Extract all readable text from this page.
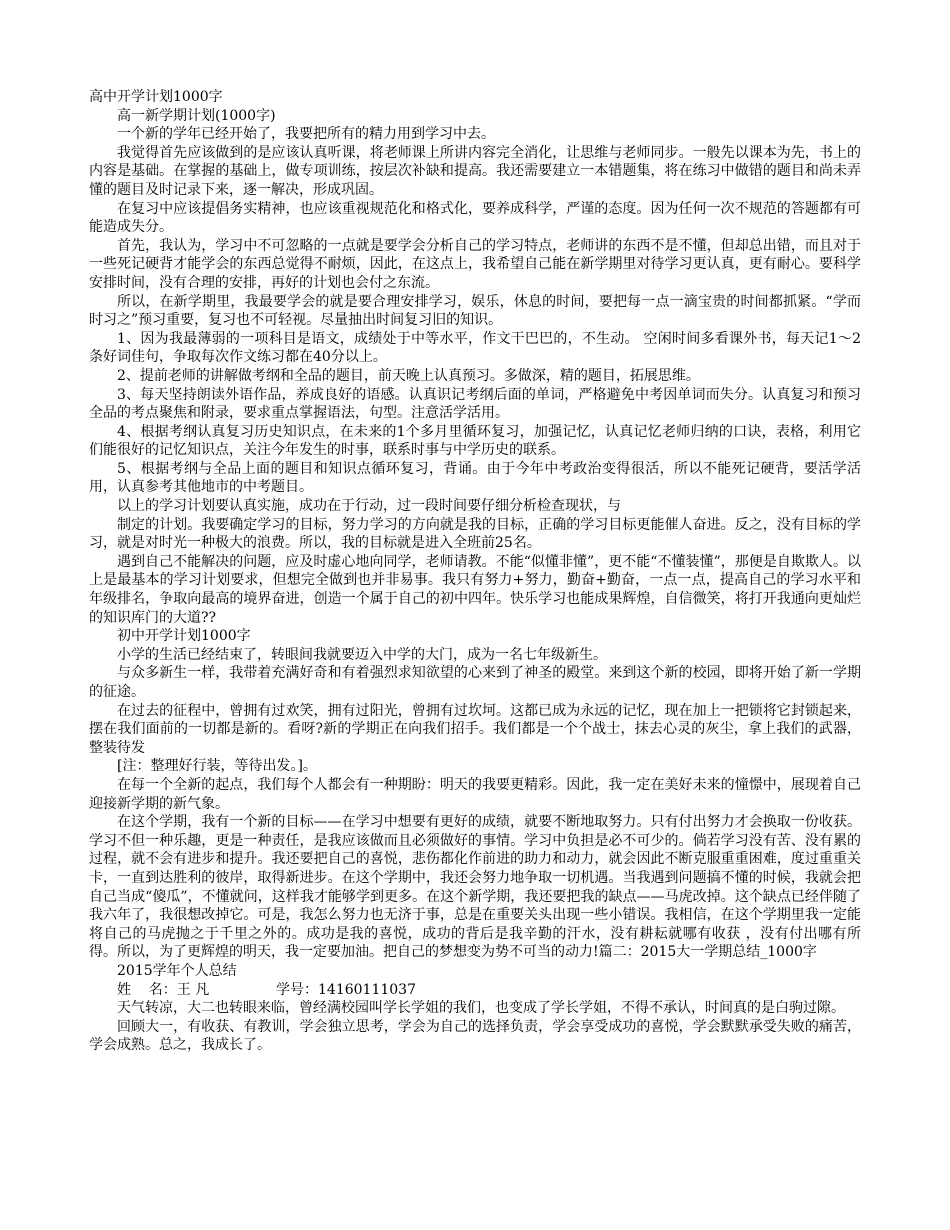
高中开学计划1000字

高一新学期计划(1000字)

一个新的学年已经开始了，我要把所有的精力用到学习中去。

我觉得首先应该做到的是应该认真听课，将老师课上所讲内容完全消化，让思维与老师同步。一般先以课本为先，书上的内容是基础。在掌握的基础上，做专项训练，按层次补缺和提高。我还需要建立一本错题集，将在练习中做错的题目和尚未弄懂的题目及时记录下来，逐一解决，形成巩固。

在复习中应该提倡务实精神，也应该重视规范化和格式化，要养成科学，严谨的态度。因为任何一次不规范的答题都有可能造成失分。

首先，我认为，学习中不可忽略的一点就是要学会分析自己的学习特点，老师讲的东西不是不懂，但却总出错，而且对于一些死记硬背才能学会的东西总觉得不耐烦，因此，在这点上，我希望自己能在新学期里对待学习更认真，更有耐心。要科学安排时间，没有合理的安排，再好的计划也会付之东流。

所以，在新学期里，我最要学会的就是要合理安排学习，娱乐，休息的时间，要把每一点一滴宝贵的时间都抓紧。“学而时习之”预习重要，复习也不可轻视。尽量抽出时间复习旧的知识。

1、因为我最薄弱的一项科目是语文，成绩处于中等水平，作文干巴巴的，不生动。 空闲时间多看课外书，每天记1～2条好词佳句，争取每次作文练习都在40分以上。

2、提前老师的讲解做考纲和全品的题目，前天晚上认真预习。多做深，精的题目，拓展思维。

3、每天坚持朗读外语作品，养成良好的语感。认真识记考纲后面的单词，严格避免中考因单词而失分。认真复习和预习全品的考点聚焦和附录，要求重点掌握语法，句型。注意活学活用。

4、根据考纲认真复习历史知识点，在未来的1个多月里循环复习，加强记忆，认真记忆老师归纳的口诀，表格，利用它们能很好的记忆知识点，关注今年发生的时事，联系时事与中学历史的联系。

5、根据考纲与全品上面的题目和知识点循环复习，背诵。由于今年中考政治变得很活，所以不能死记硬背，要活学活用，认真参考其他地市的中考题目。

以上的学习计划要认真实施，成功在于行动，过一段时间要仔细分析检查现状，与

制定的计划。我要确定学习的目标，努力学习的方向就是我的目标，正确的学习目标更能催人奋进。反之，没有目标的学习，就是对时光一种极大的浪费。所以，我的目标就是进入全班前25名。

遇到自己不能解决的问题，应及时虚心地向同学，老师请教。不能“似懂非懂”，更不能“不懂装懂”，那便是自欺欺人。以上是最基本的学习计划要求，但想完全做到也并非易事。我只有努力+努力，勤奋+勤奋，一点一点，提高自己的学习水平和年级排名，争取向最高的境界奋进，创造一个属于自己的初中四年。快乐学习也能成果辉煌，自信微笑，将打开我通向更灿烂的知识库门的大道??

初中开学计划1000字

小学的生活已经结束了，转眼间我就要迈入中学的大门，成为一名七年级新生。

与众多新生一样，我带着充满好奇和有着强烈求知欲望的心来到了神圣的殿堂。来到这个新的校园，即将开始了新一学期的征途。

在过去的征程中，曾拥有过欢笑，拥有过阳光，曾拥有过坎坷。这都已成为永远的记忆，现在加上一把锁将它封锁起来，摆在我们面前的一切都是新的。看呀?新的学期正在向我们招手。我们都是一个个战士，抹去心灵的灰尘，拿上我们的武器，整装待发

[注：整理好行装，等待出发。]。

在每一个全新的起点，我们每个人都会有一种期盼：明天的我要更精彩。因此，我一定在美好未来的憧憬中，展现着自己迎接新学期的新气象。

在这个学期，我有一个新的目标——在学习中想要有更好的成绩，就要不断地取努力。只有付出努力才会换取一份收获。学习不但一种乐趣，更是一种责任，是我应该做而且必须做好的事情。学习中负担是必不可少的。倘若学习没有苦、没有累的过程，就不会有进步和提升。我还要把自己的喜悦，悲伤都化作前进的助力和动力，就会因此不断克服重重困难，度过重重关卡，一直到达胜利的彼岸，取得新进步。在这个学期中，我还会努力地争取一切机遇。当我遇到问题搞不懂的时候，我就会把自己当成“傻瓜”，不懂就问，这样我才能够学到更多。在这个新学期，我还要把我的缺点——马虎改掉。这个缺点已经伴随了我六年了，我很想改掉它。可是，我怎么努力也无济于事，总是在重要关头出现一些小错误。我相信，在这个学期里我一定能将自己的马虎抛之于千里之外的。成功是我的喜悦，成功的背后是我辛勤的汗水，没有耕耘就哪有收获 ，没有付出哪有所得。所以，为了更辉煌的明天，我一定要加油。把自己的梦想变为势不可当的动力!篇二：2015大一学期总结_1000字

2015学年个人总结

姓    名：王 凡               学号：14160111037

天气转凉，大二也转眼来临，曾经满校园叫学长学姐的我们，也变成了学长学姐，不得不承认，时间真的是白驹过隙。

回顾大一，有收获、有教训，学会独立思考，学会为自己的选择负责，学会享受成功的喜悦，学会默默承受失败的痛苦，学会成熟。总之，我成长了。
